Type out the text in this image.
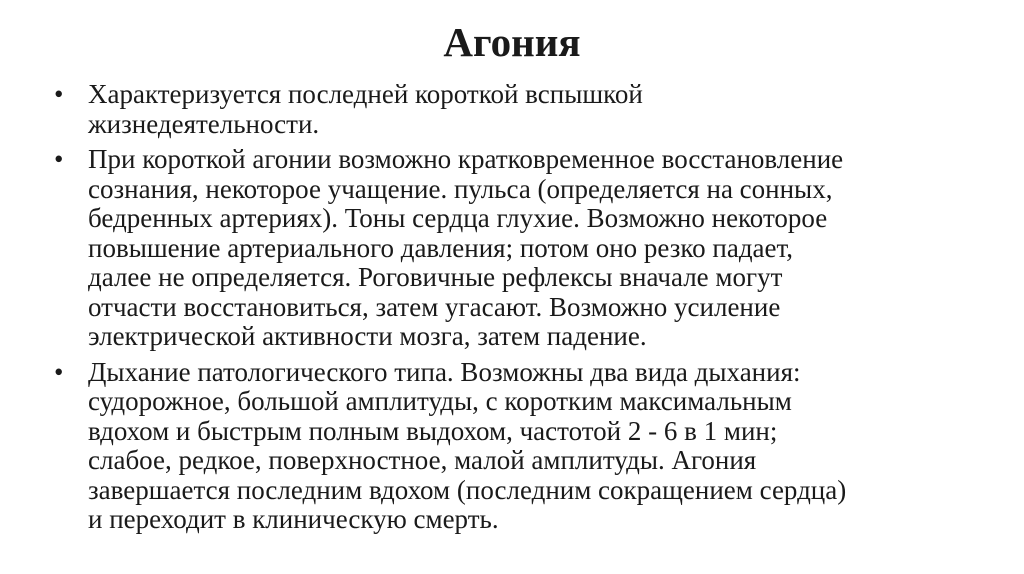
Агония
• Характеризуется последней короткой вспышкой
жизнедеятельности.
• При короткой агонии возможно кратковременное восстановление
сознания, некоторое учащение. пульса (определяется на сонных,
бедренных артериях). Тоны сердца глухие. Возможно некоторое
повышение артериального давления; потом оно резко падает,
далее не определяется. Роговичные рефлексы вначале могут
отчасти восстановиться, затем угасают. Возможно усиление
электрической активности мозга, затем падение.
• Дыхание патологического типа. Возможны два вида дыхания:
судорожное, большой амплитуды, с коротким максимальным
вдохом и быстрым полным выдохом, частотой 2 - 6 в 1 мин;
слабое, редкое, поверхностное, малой амплитуды. Агония
завершается последним вдохом (последним сокращением сердца)
и переходит в клиническую смерть.
